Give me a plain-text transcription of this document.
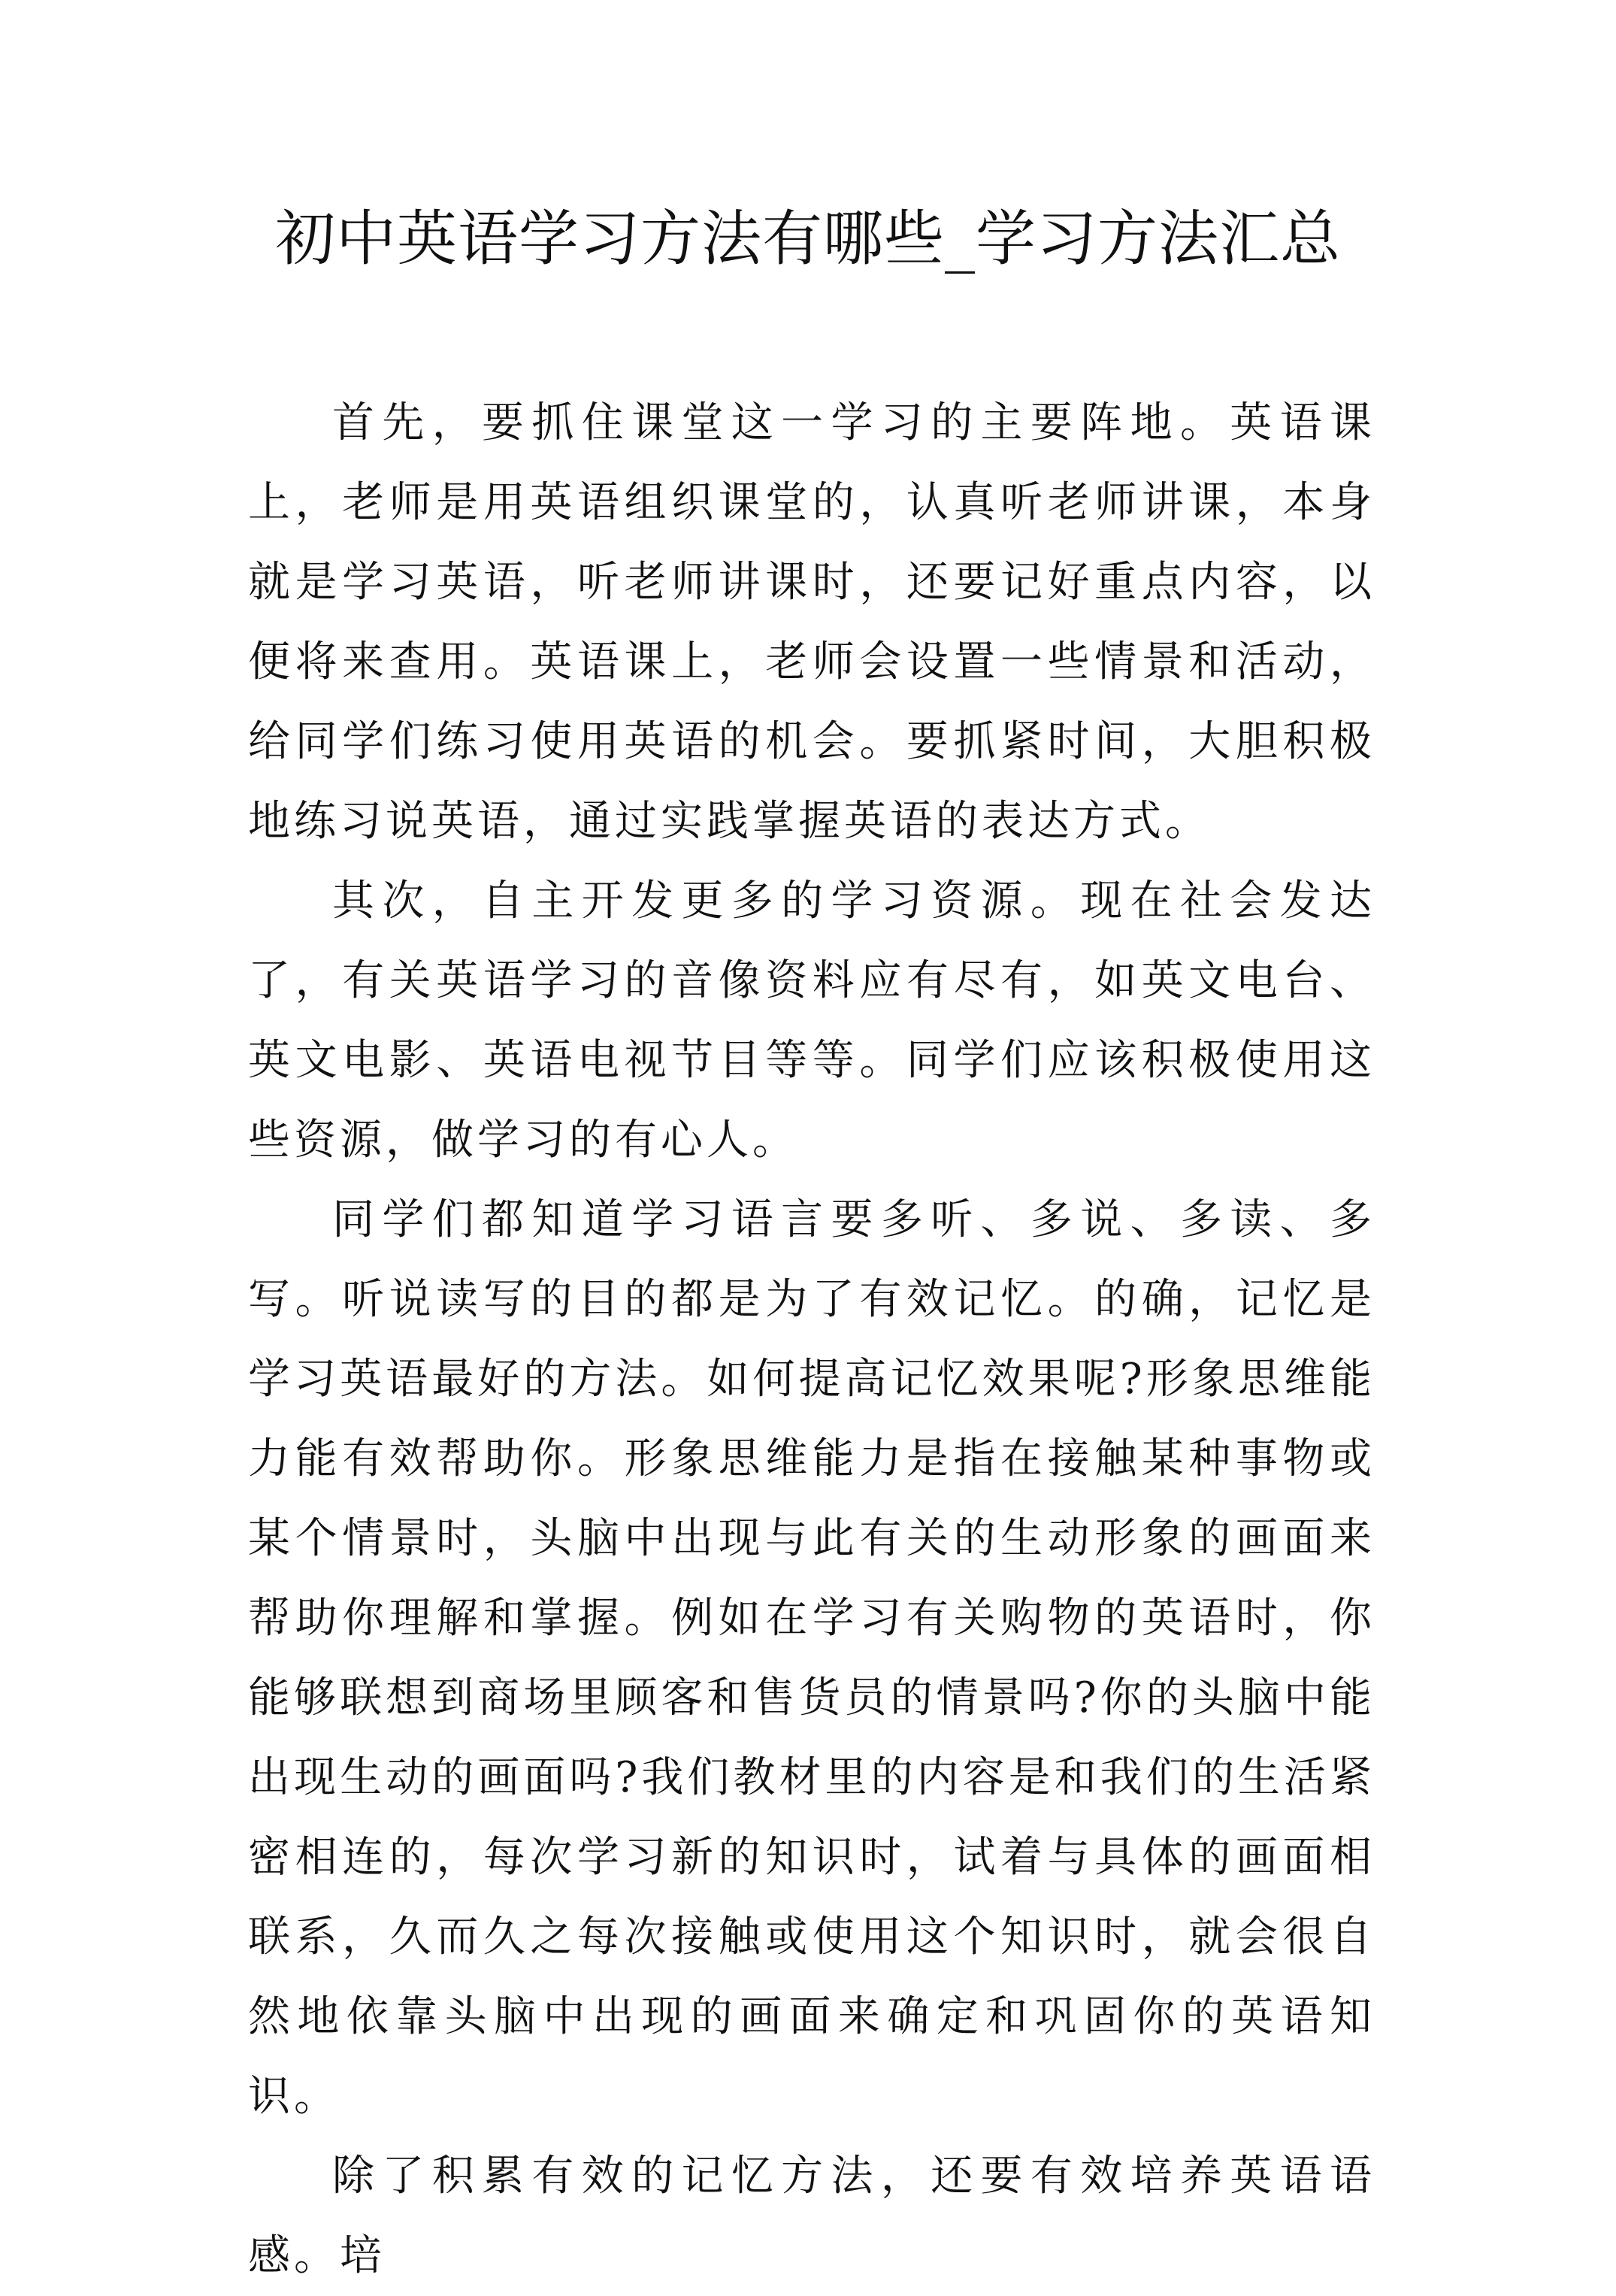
初中英语学习方法有哪些_学习方法汇总

首先，要抓住课堂这一学习的主要阵地。英语课上，老师是用英语组织课堂的，认真听老师讲课，本身就是学习英语，听老师讲课时，还要记好重点内容，以便将来查用。英语课上，老师会设置一些情景和活动，给同学们练习使用英语的机会。要抓紧时间，大胆积极地练习说英语，通过实践掌握英语的表达方式。

其次，自主开发更多的学习资源。现在社会发达了，有关英语学习的音像资料应有尽有，如英文电台、英文电影、英语电视节目等等。同学们应该积极使用这些资源，做学习的有心人。

同学们都知道学习语言要多听、多说、多读、多写。听说读写的目的都是为了有效记忆。的确，记忆是学习英语最好的方法。如何提高记忆效果呢?形象思维能力能有效帮助你。形象思维能力是指在接触某种事物或某个情景时，头脑中出现与此有关的生动形象的画面来帮助你理解和掌握。例如在学习有关购物的英语时，你能够联想到商场里顾客和售货员的情景吗?你的头脑中能出现生动的画面吗?我们教材里的内容是和我们的生活紧密相连的，每次学习新的知识时，试着与具体的画面相联系，久而久之每次接触或使用这个知识时，就会很自然地依靠头脑中出现的画面来确定和巩固你的英语知识。

除了积累有效的记忆方法，还要有效培养英语语感。培
